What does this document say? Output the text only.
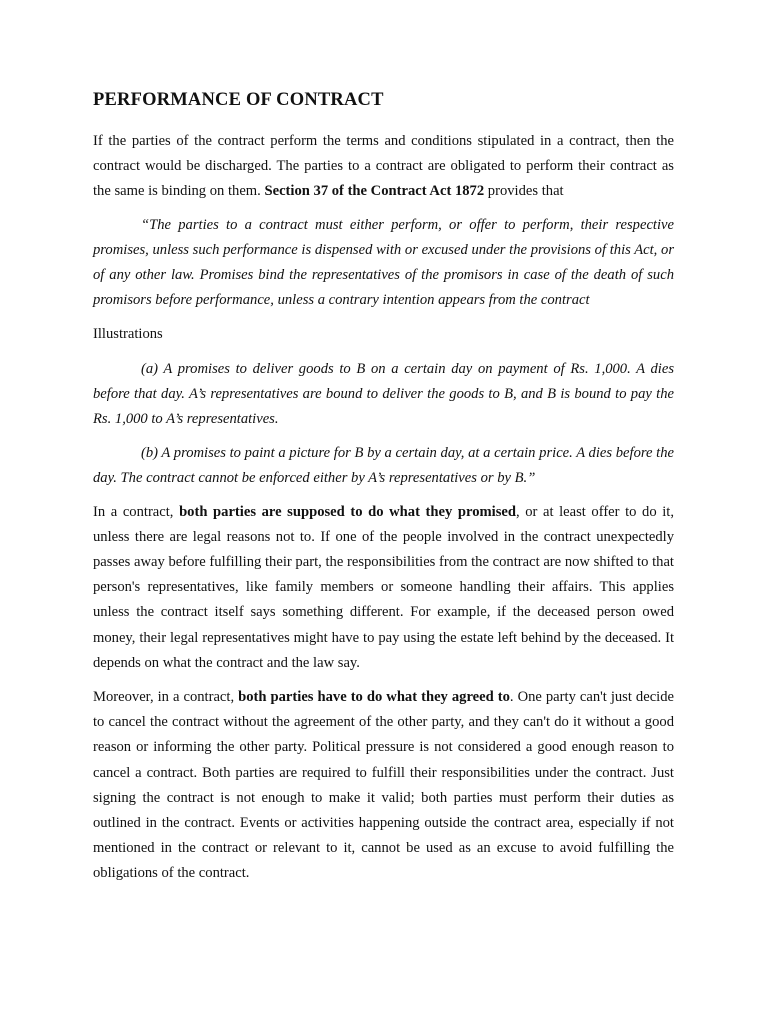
PERFORMANCE OF CONTRACT

If the parties of the contract perform the terms and conditions stipulated in a contract, then the contract would be discharged. The parties to a contract are obligated to perform their contract as the same is binding on them. Section 37 of the Contract Act 1872 provides that

“The parties to a contract must either perform, or offer to perform, their respective promises, unless such performance is dispensed with or excused under the provisions of this Act, or of any other law. Promises bind the representatives of the promisors in case of the death of such promisors before performance, unless a contrary intention appears from the contract

Illustrations

(a) A promises to deliver goods to B on a certain day on payment of Rs. 1,000. A dies before that day. A’s representatives are bound to deliver the goods to B, and B is bound to pay the Rs. 1,000 to A’s representatives.

(b) A promises to paint a picture for B by a certain day, at a certain price. A dies before the day. The contract cannot be enforced either by A’s representatives or by B.”

In a contract, both parties are supposed to do what they promised, or at least offer to do it, unless there are legal reasons not to. If one of the people involved in the contract unexpectedly passes away before fulfilling their part, the responsibilities from the contract are now shifted to that person's representatives, like family members or someone handling their affairs. This applies unless the contract itself says something different. For example, if the deceased person owed money, their legal representatives might have to pay using the estate left behind by the deceased. It depends on what the contract and the law say.

Moreover, in a contract, both parties have to do what they agreed to. One party can't just decide to cancel the contract without the agreement of the other party, and they can't do it without a good reason or informing the other party. Political pressure is not considered a good enough reason to cancel a contract. Both parties are required to fulfill their responsibilities under the contract. Just signing the contract is not enough to make it valid; both parties must perform their duties as outlined in the contract. Events or activities happening outside the contract area, especially if not mentioned in the contract or relevant to it, cannot be used as an excuse to avoid fulfilling the obligations of the contract.
